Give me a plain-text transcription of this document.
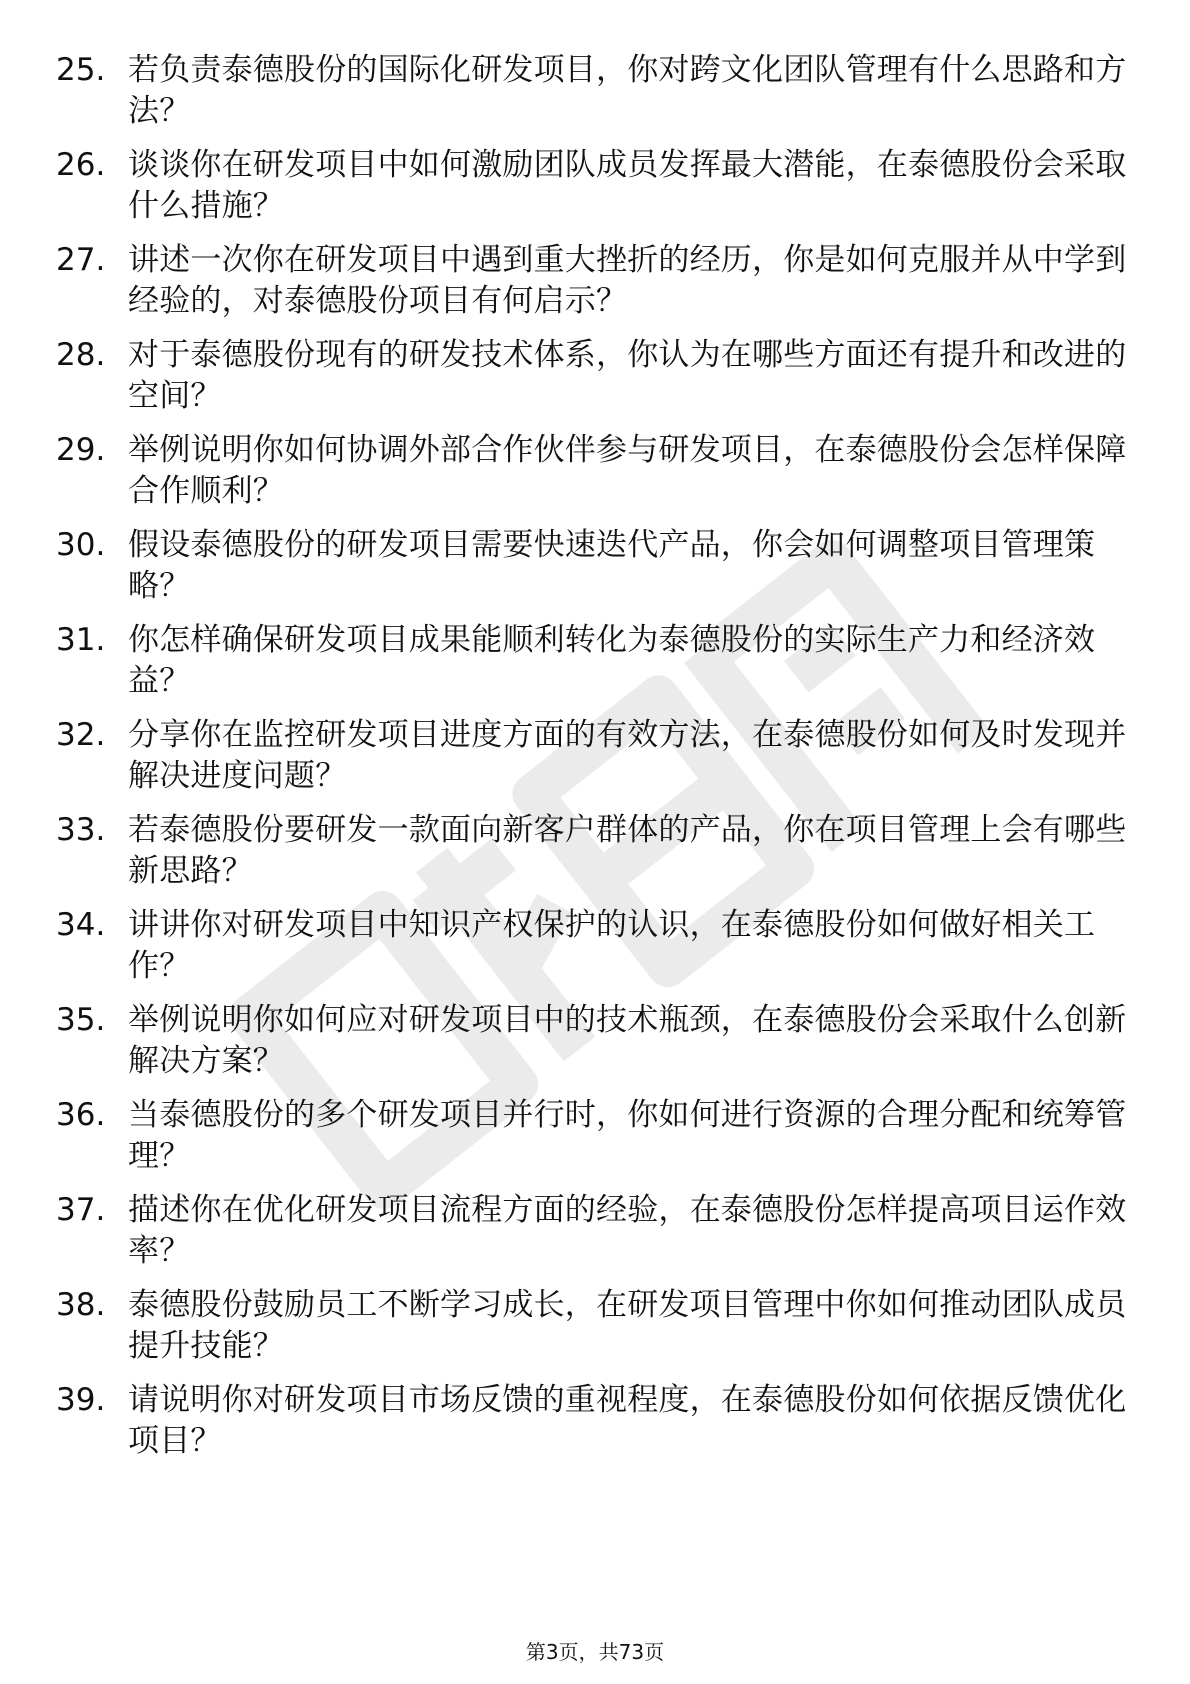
25. 若负责泰德股份的国际化研发项目，你对跨文化团队管理有什么思路和方法？
26. 谈谈你在研发项目中如何激励团队成员发挥最大潜能，在泰德股份会采取什么措施？
27. 讲述一次你在研发项目中遇到重大挫折的经历，你是如何克服并从中学到经验的，对泰德股份项目有何启示？
28. 对于泰德股份现有的研发技术体系，你认为在哪些方面还有提升和改进的空间？
29. 举例说明你如何协调外部合作伙伴参与研发项目，在泰德股份会怎样保障合作顺利？
30. 假设泰德股份的研发项目需要快速迭代产品，你会如何调整项目管理策略？
31. 你怎样确保研发项目成果能顺利转化为泰德股份的实际生产力和经济效益？
32. 分享你在监控研发项目进度方面的有效方法，在泰德股份如何及时发现并解决进度问题？
33. 若泰德股份要研发一款面向新客户群体的产品，你在项目管理上会有哪些新思路？
34. 讲讲你对研发项目中知识产权保护的认识，在泰德股份如何做好相关工作？
35. 举例说明你如何应对研发项目中的技术瓶颈，在泰德股份会采取什么创新解决方案？
36. 当泰德股份的多个研发项目并行时，你如何进行资源的合理分配和统筹管理？
37. 描述你在优化研发项目流程方面的经验，在泰德股份怎样提高项目运作效率？
38. 泰德股份鼓励员工不断学习成长，在研发项目管理中你如何推动团队成员提升技能？
39. 请说明你对研发项目市场反馈的重视程度，在泰德股份如何依据反馈优化项目？
第3页，共73页
